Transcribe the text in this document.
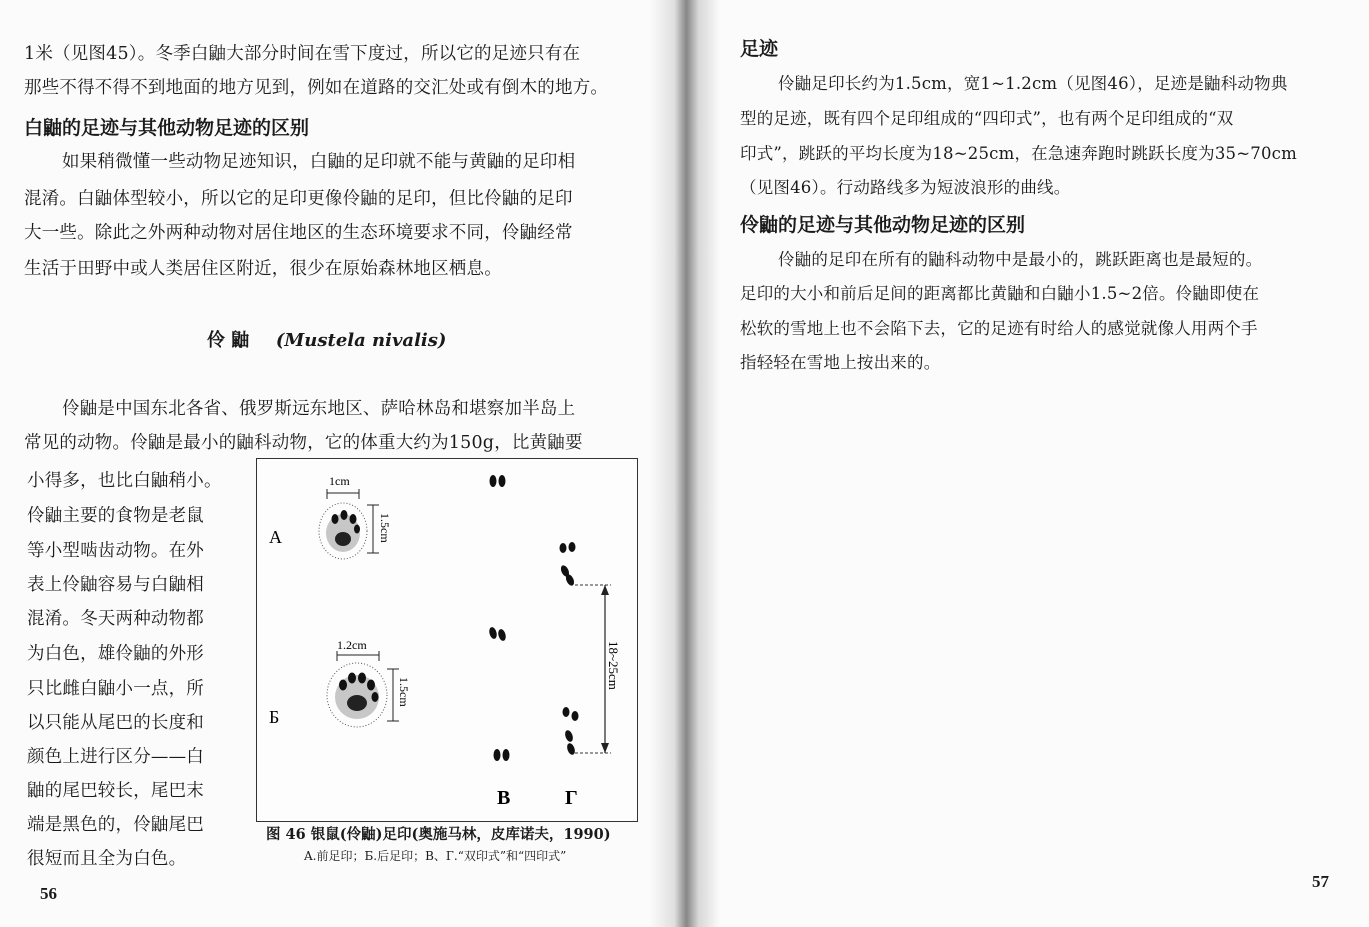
1米（见图45）。冬季白鼬大部分时间在雪下度过，所以它的足迹只有在
那些不得不得不到地面的地方见到，例如在道路的交汇处或有倒木的地方。
白鼬的足迹与其他动物足迹的区别
如果稍微懂一些动物足迹知识，白鼬的足印就不能与黄鼬的足印相
混淆。白鼬体型较小，所以它的足印更像伶鼬的足印，但比伶鼬的足印
大一些。除此之外两种动物对居住地区的生态环境要求不同，伶鼬经常
生活于田野中或人类居住区附近，很少在原始森林地区栖息。
伶 鼬 (Mustela nivalis)
伶鼬是中国东北各省、俄罗斯远东地区、萨哈林岛和堪察加半岛上
常见的动物。伶鼬是最小的鼬科动物，它的体重大约为150g，比黄鼬要
小得多，也比白鼬稍小。
伶鼬主要的食物是老鼠
等小型啮齿动物。在外
表上伶鼬容易与白鼬相
混淆。冬天两种动物都
为白色，雄伶鼬的外形
只比雌白鼬小一点，所
以只能从尾巴的长度和
颜色上进行区分——白
鼬的尾巴较长，尾巴末
端是黑色的，伶鼬尾巴
很短而且全为白色。
1cm
1.5cm
A
1.2cm
1.5cm
Б
B	Г
18~25cm
图 46 银鼠(伶鼬)足印(奥施马林，皮库诺夫，1990)
A.前足印；Б.后足印；B、Г.“双印式”和“四印式”
56
足迹
伶鼬足印长约为1.5cm，宽1~1.2cm（见图46），足迹是鼬科动物典
型的足迹，既有四个足印组成的“四印式”，也有两个足印组成的“双
印式”，跳跃的平均长度为18~25cm，在急速奔跑时跳跃长度为35~70cm
（见图46）。行动路线多为短波浪形的曲线。
伶鼬的足迹与其他动物足迹的区别
伶鼬的足印在所有的鼬科动物中是最小的，跳跃距离也是最短的。
足印的大小和前后足间的距离都比黄鼬和白鼬小1.5~2倍。伶鼬即使在
松软的雪地上也不会陷下去，它的足迹有时给人的感觉就像人用两个手
指轻轻在雪地上按出来的。
57
